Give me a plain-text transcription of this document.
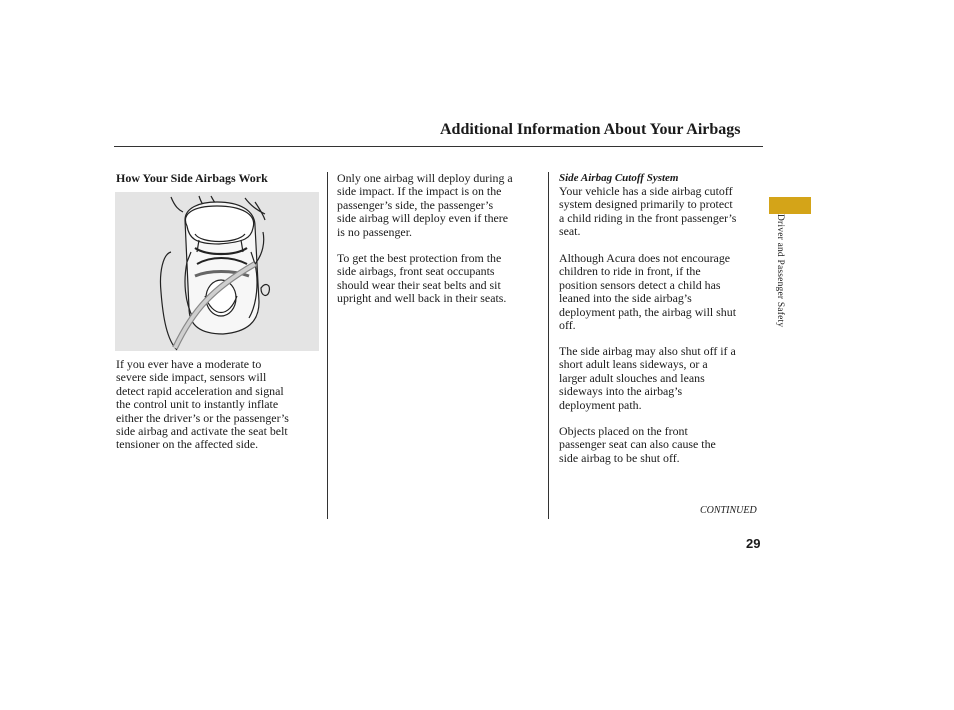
Additional Information About Your Airbags
How Your Side Airbags Work

If you ever have a moderate to
severe side impact, sensors will
detect rapid acceleration and signal
the control unit to instantly inflate
either the driver’s or the passenger’s
side airbag and activate the seat belt
tensioner on the affected side.

Only one airbag will deploy during a
side impact. If the impact is on the
passenger’s side, the passenger’s
side airbag will deploy even if there
is no passenger.

To get the best protection from the
side airbags, front seat occupants
should wear their seat belts and sit
upright and well back in their seats.

Side Airbag Cutoff System

Your vehicle has a side airbag cutoff
system designed primarily to protect
a child riding in the front passenger’s
seat.

Although Acura does not encourage
children to ride in front, if the
position sensors detect a child has
leaned into the side airbag’s
deployment path, the airbag will shut
off.

The side airbag may also shut off if a
short adult leans sideways, or a
larger adult slouches and leans
sideways into the airbag’s
deployment path.

Objects placed on the front
passenger seat can also cause the
side airbag to be shut off.

Driver and Passenger Safety
CONTINUED
29
